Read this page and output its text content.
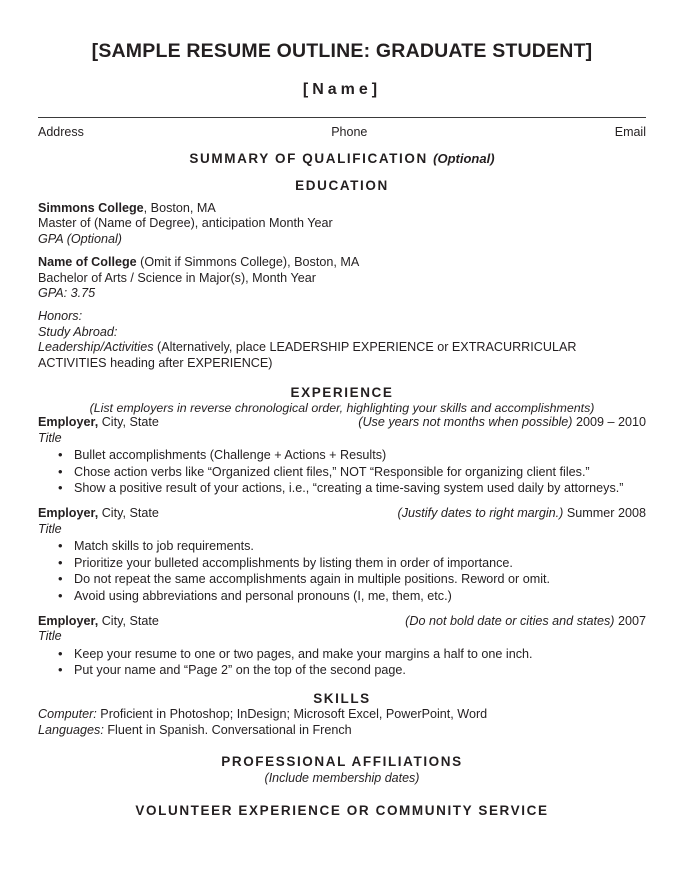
[SAMPLE RESUME OUTLINE: GRADUATE STUDENT]
[Name]
Address	Phone	Email
SUMMARY OF QUALIFICATION (Optional)
EDUCATION
Simmons College, Boston, MA
Master of (Name of Degree), anticipation Month Year
GPA (Optional)
Name of College (Omit if Simmons College), Boston, MA
Bachelor of Arts / Science in Major(s), Month Year
GPA: 3.75
Honors:
Study Abroad:
Leadership/Activities (Alternatively, place LEADERSHIP EXPERIENCE or EXTRACURRICULAR ACTIVITIES heading after EXPERIENCE)
EXPERIENCE
(List employers in reverse chronological order, highlighting your skills and accomplishments)
Employer, City, State	(Use years not months when possible) 2009 – 2010
Title
• Bullet accomplishments (Challenge + Actions + Results)
• Chose action verbs like “Organized client files,” NOT “Responsible for organizing client files.”
• Show a positive result of your actions, i.e., “creating a time-saving system used daily by attorneys.”
Employer, City, State	(Justify dates to right margin.) Summer 2008
Title
• Match skills to job requirements.
• Prioritize your bulleted accomplishments by listing them in order of importance.
• Do not repeat the same accomplishments again in multiple positions. Reword or omit.
• Avoid using abbreviations and personal pronouns (I, me, them, etc.)
Employer, City, State	(Do not bold date or cities and states) 2007
Title
• Keep your resume to one or two pages, and make your margins a half to one inch.
• Put your name and “Page 2” on the top of the second page.
SKILLS
Computer: Proficient in Photoshop; InDesign; Microsoft Excel, PowerPoint, Word
Languages: Fluent in Spanish. Conversational in French
PROFESSIONAL AFFILIATIONS
(Include membership dates)
VOLUNTEER EXPERIENCE OR COMMUNITY SERVICE
